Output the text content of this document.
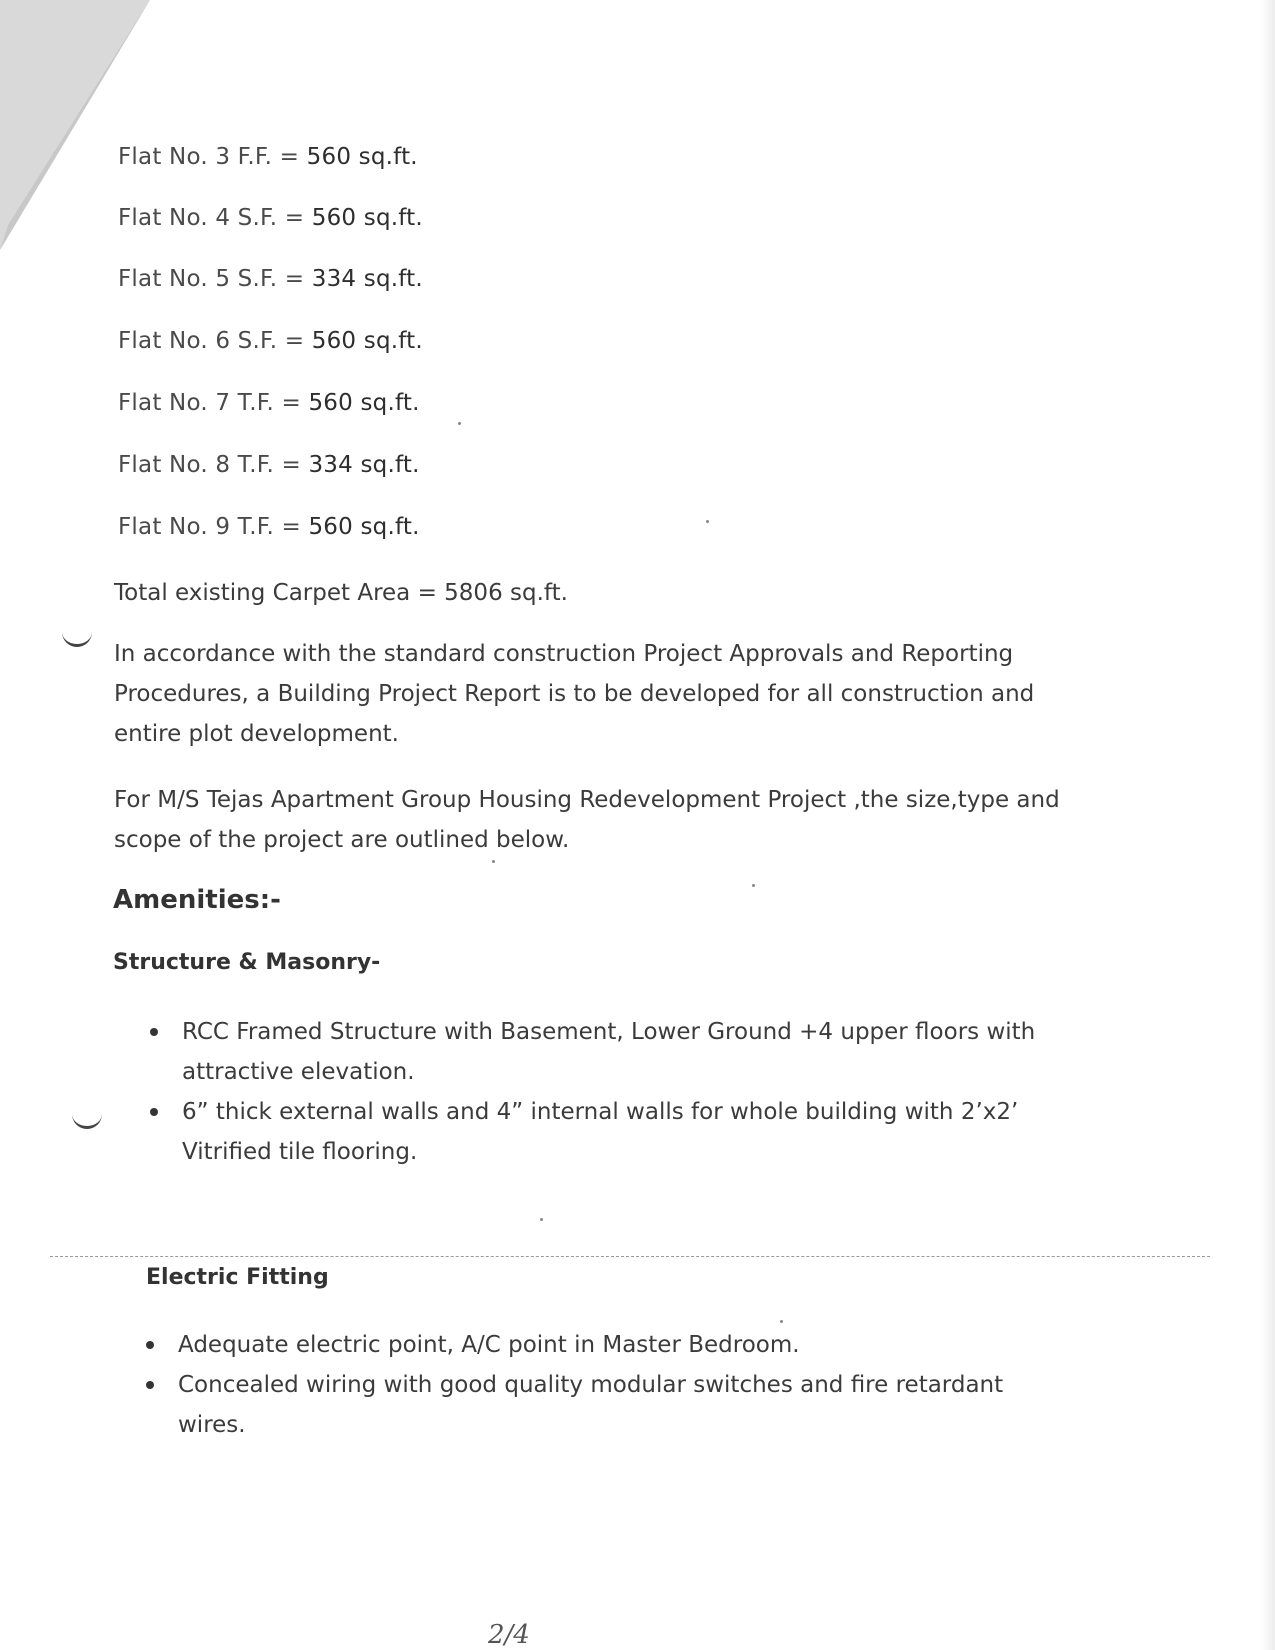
Flat No. 3 F.F. = 560 sq.ft.
Flat No. 4 S.F. = 560 sq.ft.
Flat No. 5 S.F. = 334 sq.ft.
Flat No. 6 S.F. = 560 sq.ft.
Flat No. 7 T.F. = 560 sq.ft.
Flat No. 8 T.F. = 334 sq.ft.
Flat No. 9 T.F. = 560 sq.ft.
Total existing Carpet Area = 5806 sq.ft.
In accordance with the standard construction Project Approvals and Reporting Procedures, a Building Project Report is to be developed for all construction and entire plot development.
For M/S Tejas Apartment Group Housing Redevelopment Project ,the size,type and scope of the project are outlined below.
Amenities:-
Structure & Masonry-
RCC Framed Structure with Basement, Lower Ground +4 upper floors with attractive elevation.
6” thick external walls and 4” internal walls for whole building with 2’x2’ Vitrified tile flooring.
Electric Fitting
Adequate electric point, A/C point in Master Bedroom.
Concealed wiring with good quality modular switches and fire retardant wires.
2/4
